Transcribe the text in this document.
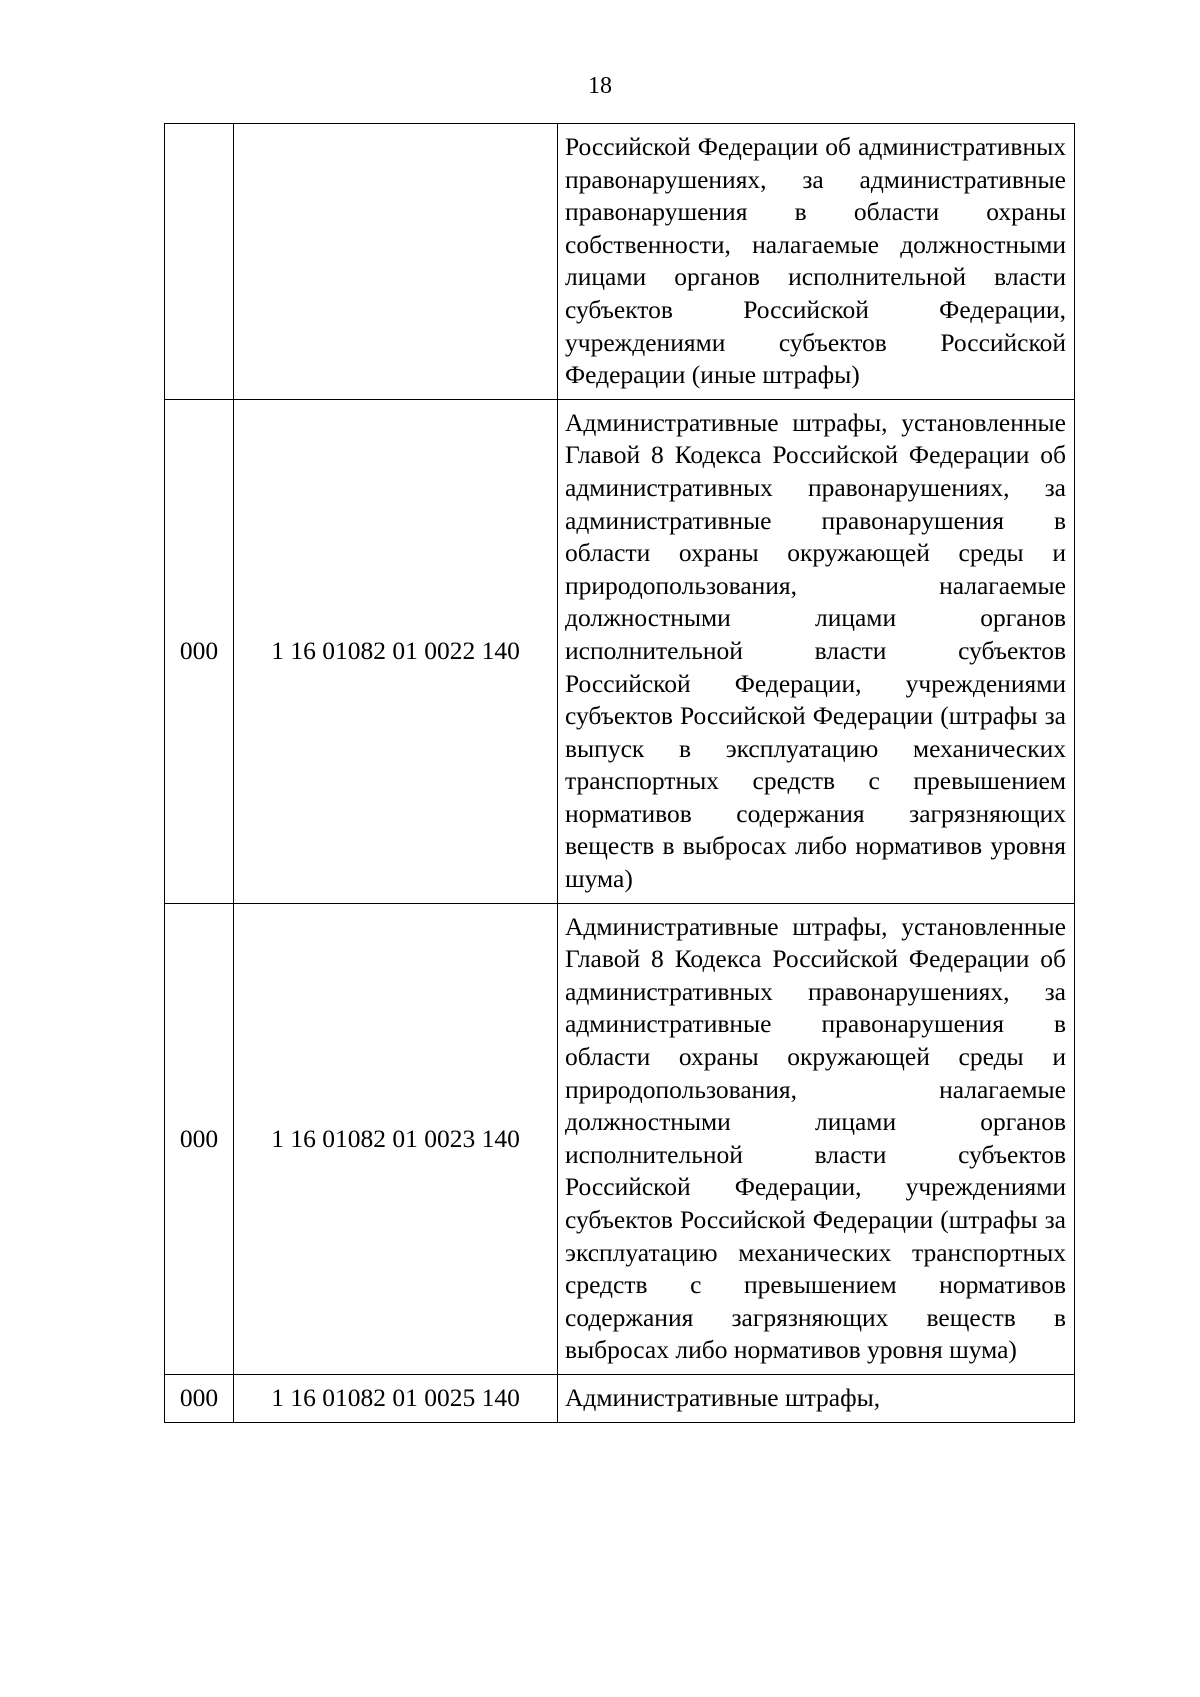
18

		Российской Федерации об административных правонарушениях, за административные правонарушения в области охраны собственности, налагаемые должностными лицами органов исполнительной власти субъектов Российской Федерации, учреждениями субъектов Российской Федерации (иные штрафы)

000	1 16 01082 01 0022 140	Административные штрафы, установленные Главой 8 Кодекса Российской Федерации об административных правонарушениях, за административные правонарушения в области охраны окружающей среды и природопользования, налагаемые должностными лицами органов исполнительной власти субъектов Российской Федерации, учреждениями субъектов Российской Федерации (штрафы за выпуск в эксплуатацию механических транспортных средств с превышением нормативов содержания загрязняющих веществ в выбросах либо нормативов уровня шума)

000	1 16 01082 01 0023 140	Административные штрафы, установленные Главой 8 Кодекса Российской Федерации об административных правонарушениях, за административные правонарушения в области охраны окружающей среды и природопользования, налагаемые должностными лицами органов исполнительной власти субъектов Российской Федерации, учреждениями субъектов Российской Федерации (штрафы за эксплуатацию механических транспортных средств с превышением нормативов содержания загрязняющих веществ в выбросах либо нормативов уровня шума)

000	1 16 01082 01 0025 140	Административные штрафы,
